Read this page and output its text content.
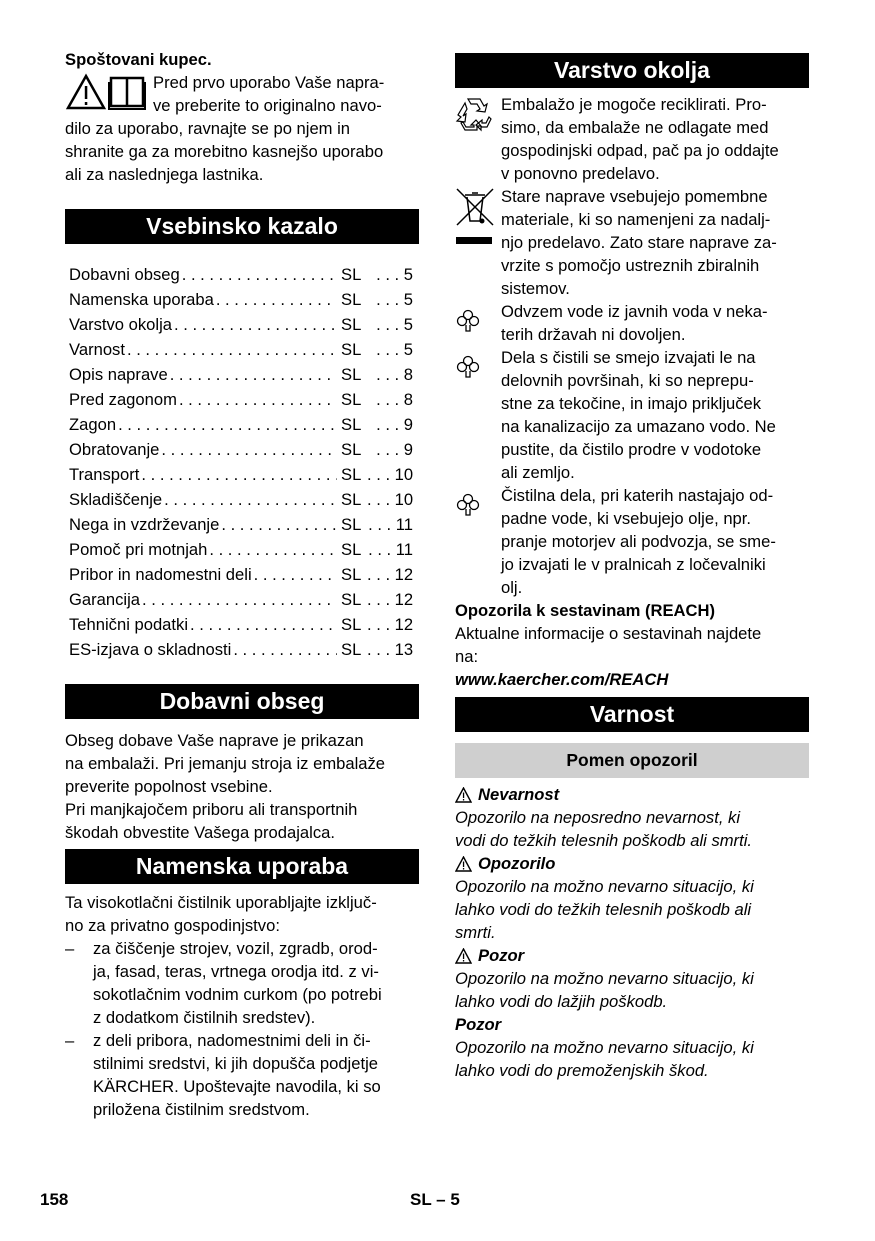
Spoštovani kupec.
Pred prvo uporabo Vaše napra-
ve preberite to originalno navo-
dilo za uporabo, ravnajte se po njem in
shranite ga za morebitno kasnejšo uporabo
ali za naslednjega lastnika.
Vsebinsko kazalo
Dobavni obseg . . .	SL	. . . 5
Namenska uporaba . . .	SL	. . . 5
Varstvo okolja . . .	SL	. . . 5
Varnost . . .	SL	. . . 5
Opis naprave . . .	SL	. . . 8
Pred zagonom . . .	SL	. . . 8
Zagon . . .	SL	. . . 9
Obratovanje . . .	SL	. . . 9
Transport . . .	SL	. . . 10
Skladiščenje . . .	SL	. . . 10
Nega in vzdrževanje . . .	SL	. . . 11
Pomoč pri motnjah . . .	SL	. . . 11
Pribor in nadomestni deli . . .	SL	. . . 12
Garancija . . .	SL	. . . 12
Tehnični podatki . . .	SL	. . . 12
ES-izjava o skladnosti . . .	SL	. . . 13
Dobavni obseg
Obseg dobave Vaše naprave je prikazan
na embalaži. Pri jemanju stroja iz embalaže
preverite popolnost vsebine.
Pri manjkajočem priboru ali transportnih
škodah obvestite Vašega prodajalca.
Namenska uporaba
Ta visokotlačni čistilnik uporabljajte izključ-
no za privatno gospodinjstvo:
–	za čiščenje strojev, vozil, zgradb, orod-
ja, fasad, teras, vrtnega orodja itd. z vi-
sokotlačnim vodnim curkom (po potrebi
z dodatkom čistilnih sredstev).
–	z deli pribora, nadomestnimi deli in či-
stilnimi sredstvi, ki jih dopušča podjetje
KÄRCHER. Upoštevajte navodila, ki so
priložena čistilnim sredstvom.
Varstvo okolja
Embalažo je mogoče reciklirati. Pro-
simo, da embalaže ne odlagate med
gospodinjski odpad, pač pa jo oddajte
v ponovno predelavo.
Stare naprave vsebujejo pomembne
materiale, ki so namenjeni za nadalj-
njo predelavo. Zato stare naprave za-
vrzite s pomočjo ustreznih zbiralnih
sistemov.
Odvzem vode iz javnih voda v neka-
terih državah ni dovoljen.
Dela s čistili se smejo izvajati le na
delovnih površinah, ki so neprepu-
stne za tekočine, in imajo priključek
na kanalizacijo za umazano vodo. Ne
pustite, da čistilo prodre v vodotoke
ali zemljo.
Čistilna dela, pri katerih nastajajo od-
padne vode, ki vsebujejo olje, npr.
pranje motorjev ali podvozja, se sme-
jo izvajati le v pralnicah z ločevalniki
olj.
Opozorila k sestavinam (REACH)
Aktualne informacije o sestavinah najdete
na:
www.kaercher.com/REACH
Varnost
Pomen opozoril
Nevarnost
Opozorilo na neposredno nevarnost, ki
vodi do težkih telesnih poškodb ali smrti.
Opozorilo
Opozorilo na možno nevarno situacijo, ki
lahko vodi do težkih telesnih poškodb ali
smrti.
Pozor
Opozorilo na možno nevarno situacijo, ki
lahko vodi do lažjih poškodb.
Pozor
Opozorilo na možno nevarno situacijo, ki
lahko vodi do premoženjskih škod.
158	SL – 5
